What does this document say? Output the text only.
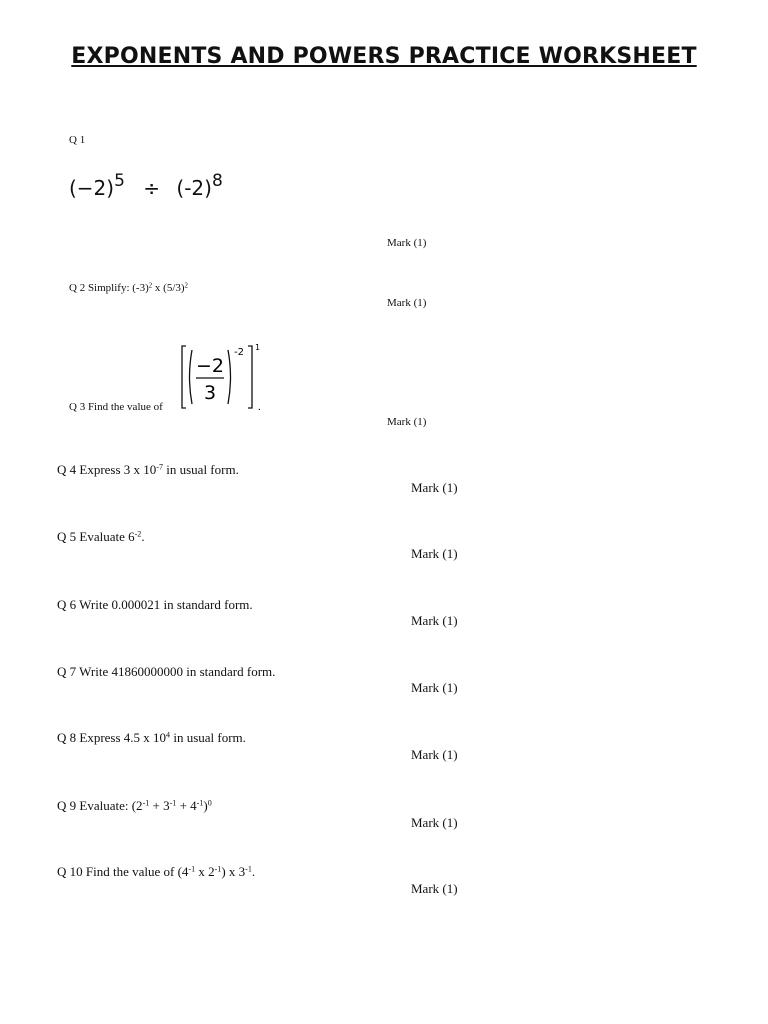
EXPONENTS AND POWERS PRACTICE WORKSHEET
Q 1
$(-2)^5 \div (-2)^8$
Mark (1)
Q 2 Simplify: $(-3)^2$ x $(5/3)^2$
Mark (1)
Q 3 Find the value of
−2
3
-2 1
.
Mark (1)
Q 4 Express 3 x $10^{-7}$ in usual form.
Mark (1)
Q 5 Evaluate $6^{-2}$.
Mark (1)
Q 6 Write 0.000021 in standard form.
Mark (1)
Q 7 Write 41860000000 in standard form.
Mark (1)
Q 8 Express 4.5 x $10^4$ in usual form.
Mark (1)
Q 9 Evaluate: $(2^{-1} + 3^{-1} + 4^{-1})^0$
Mark (1)
Q 10 Find the value of ($4^{-1}$ x $2^{-1}$) x $3^{-1}$.
Mark (1)
